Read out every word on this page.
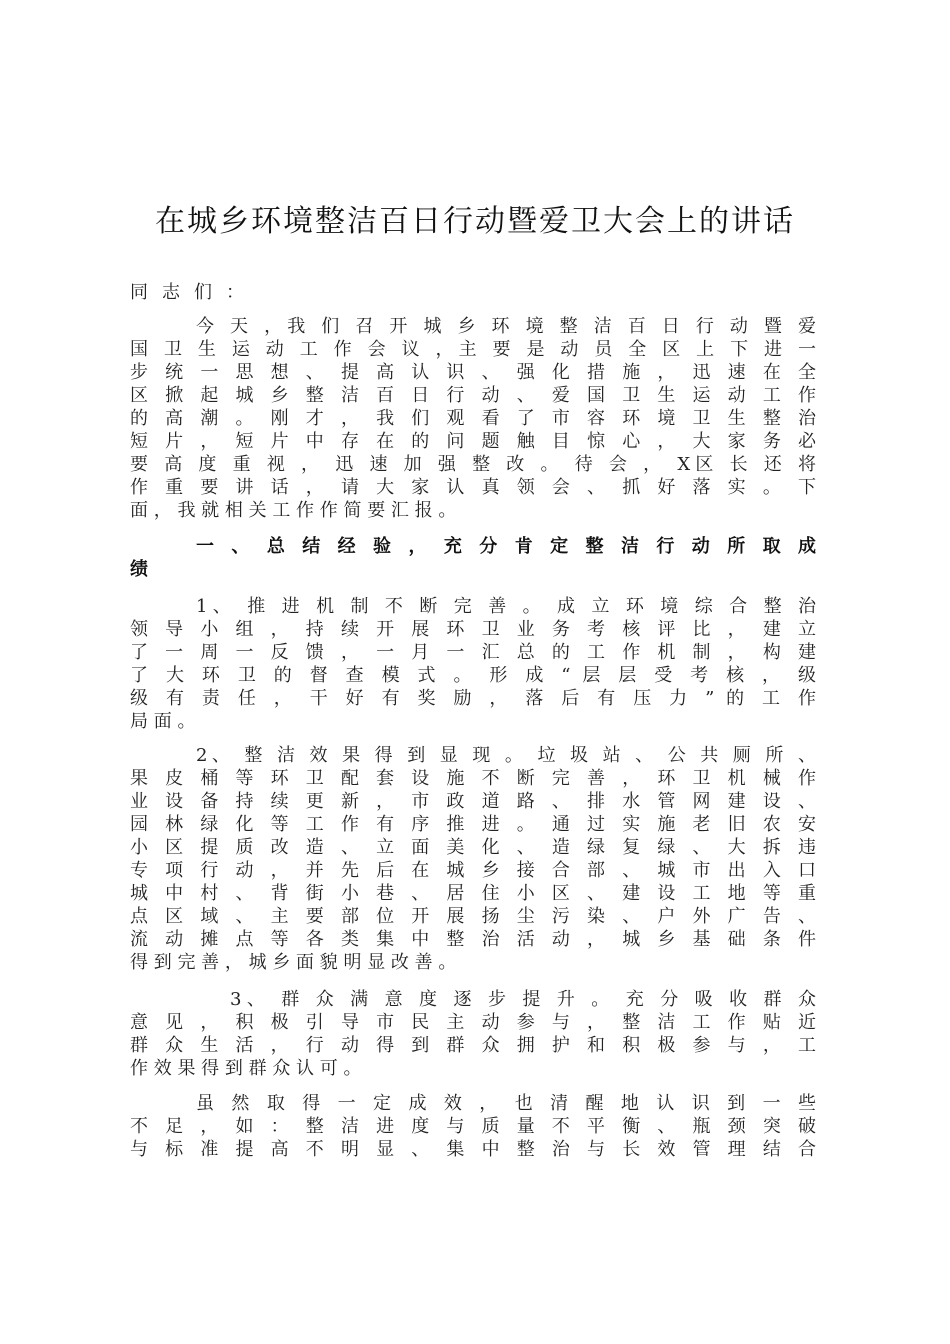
在城乡环境整洁百日行动暨爱卫大会上的讲话
同志们：
今 天 ，我 们 召 开 城 乡 环 境 整 洁 百 日 行 动 暨 爱
国 卫 生 运 动 工 作 会 议 ，主 要 是 动 员 全 区 上 下 进 一
步 统 一 思 想 、 提 高 认 识 、 强 化 措 施 ， 迅 速 在 全
区 掀 起 城 乡 整 洁 百 日 行 动 、 爱 国 卫 生 运 动 工 作
的 高 潮 。 刚 才 ， 我 们 观 看 了 市 容 环 境 卫 生 整 治
短 片 ， 短 片 中 存 在 的 问 题 触 目 惊 心 ， 大 家 务 必
要 高 度 重 视 ， 迅 速 加 强 整 改 。 待 会 ， X区 长 还 将
作 重 要 讲 话 ， 请 大 家 认 真 领 会 、 抓 好 落 实 。 下
面 ， 我 就 相 关 工 作 作 简 要 汇 报 。
一 、 总 结 经 验 ， 充 分 肯 定 整 洁 行 动 所 取 成
绩
1、 推 进 机 制 不 断 完 善 。 成 立 环 境 综 合 整 治
领 导 小 组 ， 持 续 开 展 环 卫 业 务 考 核 评 比 ， 建 立
了 一 周 一 反 馈 ， 一 月 一 汇 总 的 工 作 机 制 ， 构 建
了 大 环 卫 的 督 查 模 式 。 形 成 “ 层 层 受 考 核 ， 级
级 有 责 任 ， 干 好 有 奖 励 ， 落 后 有 压 力 ” 的 工 作
局 面 。
2、 整 洁 效 果 得 到 显 现 。 垃 圾 站 、 公 共 厕 所 、
果 皮 桶 等 环 卫 配 套 设 施 不 断 完 善 ， 环 卫 机 械 作
业 设 备 持 续 更 新 ， 市 政 道 路 、 排 水 管 网 建 设 、
园 林 绿 化 等 工 作 有 序 推 进 。 通 过 实 施 老 旧 农 安
小 区 提 质 改 造 、 立 面 美 化 、 造 绿 复 绿 、 大 拆 违
专 项 行 动 ， 并 先 后 在 城 乡 接 合 部 、 城 市 出 入 口
城 中 村 、 背 街 小 巷 、 居 住 小 区 、 建 设 工 地 等 重
点 区 域 、 主 要 部 位 开 展 扬 尘 污 染 、 户 外 广 告 、
流 动 摊 点 等 各 类 集 中 整 治 活 动 ， 城 乡 基 础 条 件
得 到 完 善 ， 城 乡 面 貌 明 显 改 善 。
3、 群 众 满 意 度 逐 步 提 升 。 充 分 吸 收 群 众
意 见 ， 积 极 引 导 市 民 主 动 参 与 ， 整 洁 工 作 贴 近
群 众 生 活 ， 行 动 得 到 群 众 拥 护 和 积 极 参 与 ， 工
作 效 果 得 到 群 众 认 可 。
虽 然 取 得 一 定 成 效 ， 也 清 醒 地 认 识 到 一 些
不 足 ， 如 ： 整 洁 进 度 与 质 量 不 平 衡 、 瓶 颈 突 破
与 标 准 提 高 不 明 显 、 集 中 整 治 与 长 效 管 理 结 合
